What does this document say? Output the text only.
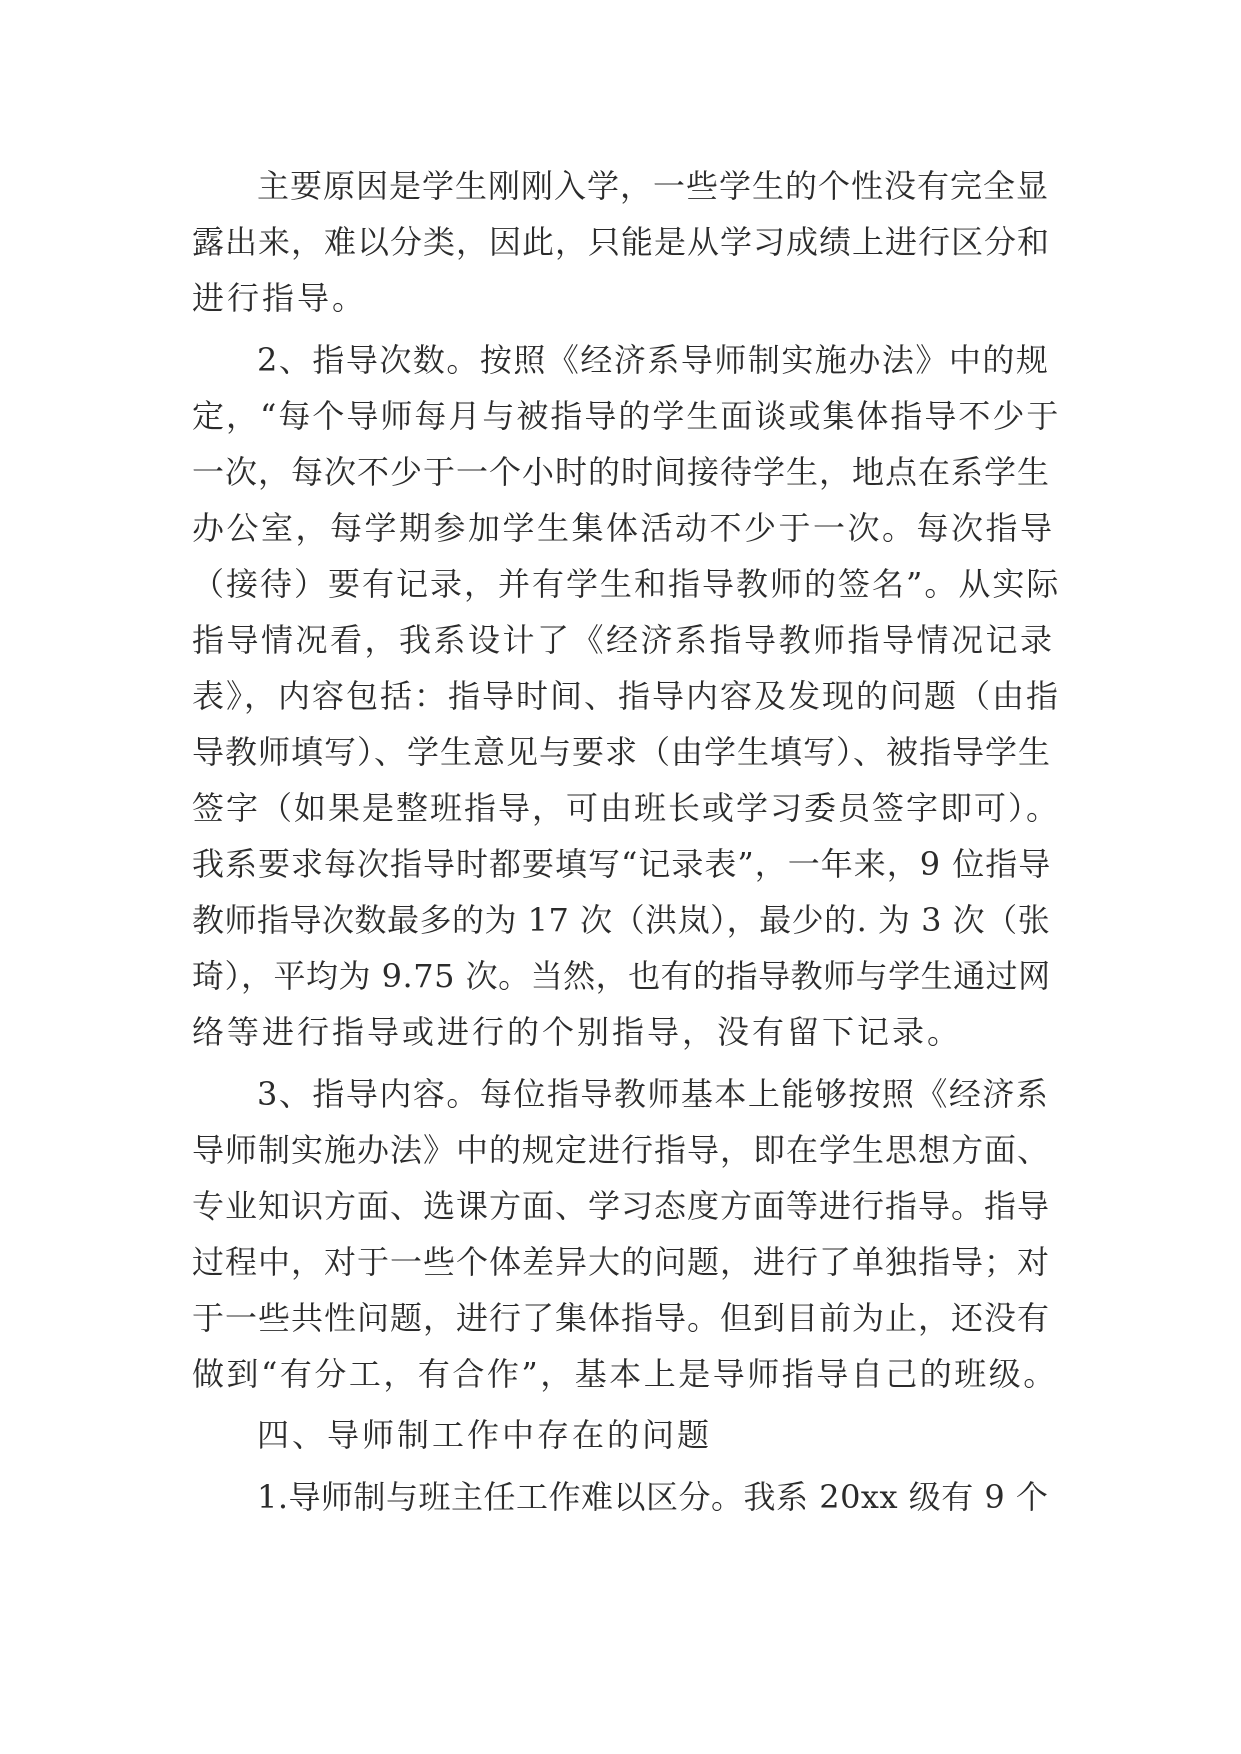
主要原因是学生刚刚入学，一些学生的个性没有完全显
露出来，难以分类，因此，只能是从学习成绩上进行区分和
进行指导。
2、指导次数。按照《经济系导师制实施办法》中的规
定，“每个导师每月与被指导的学生面谈或集体指导不少于
一次，每次不少于一个小时的时间接待学生，地点在系学生
办公室，每学期参加学生集体活动不少于一次。每次指导
（接待）要有记录，并有学生和指导教师的签名”。从实际
指导情况看，我系设计了《经济系指导教师指导情况记录
表》，内容包括：指导时间、指导内容及发现的问题（由指
导教师填写）、学生意见与要求（由学生填写）、被指导学生
签字（如果是整班指导，可由班长或学习委员签字即可）。
我系要求每次指导时都要填写“记录表”，一年来，9 位指导
教师指导次数最多的为 17 次（洪岚），最少的. 为 3 次（张
琦），平均为 9.75 次。当然，也有的指导教师与学生通过网
络等进行指导或进行的个别指导，没有留下记录。
3、指导内容。每位指导教师基本上能够按照《经济系
导师制实施办法》中的规定进行指导，即在学生思想方面、
专业知识方面、选课方面、学习态度方面等进行指导。指导
过程中，对于一些个体差异大的问题，进行了单独指导；对
于一些共性问题，进行了集体指导。但到目前为止，还没有
做到“有分工，有合作”，基本上是导师指导自己的班级。
四、导师制工作中存在的问题
1.导师制与班主任工作难以区分。我系 20xx 级有 9 个
